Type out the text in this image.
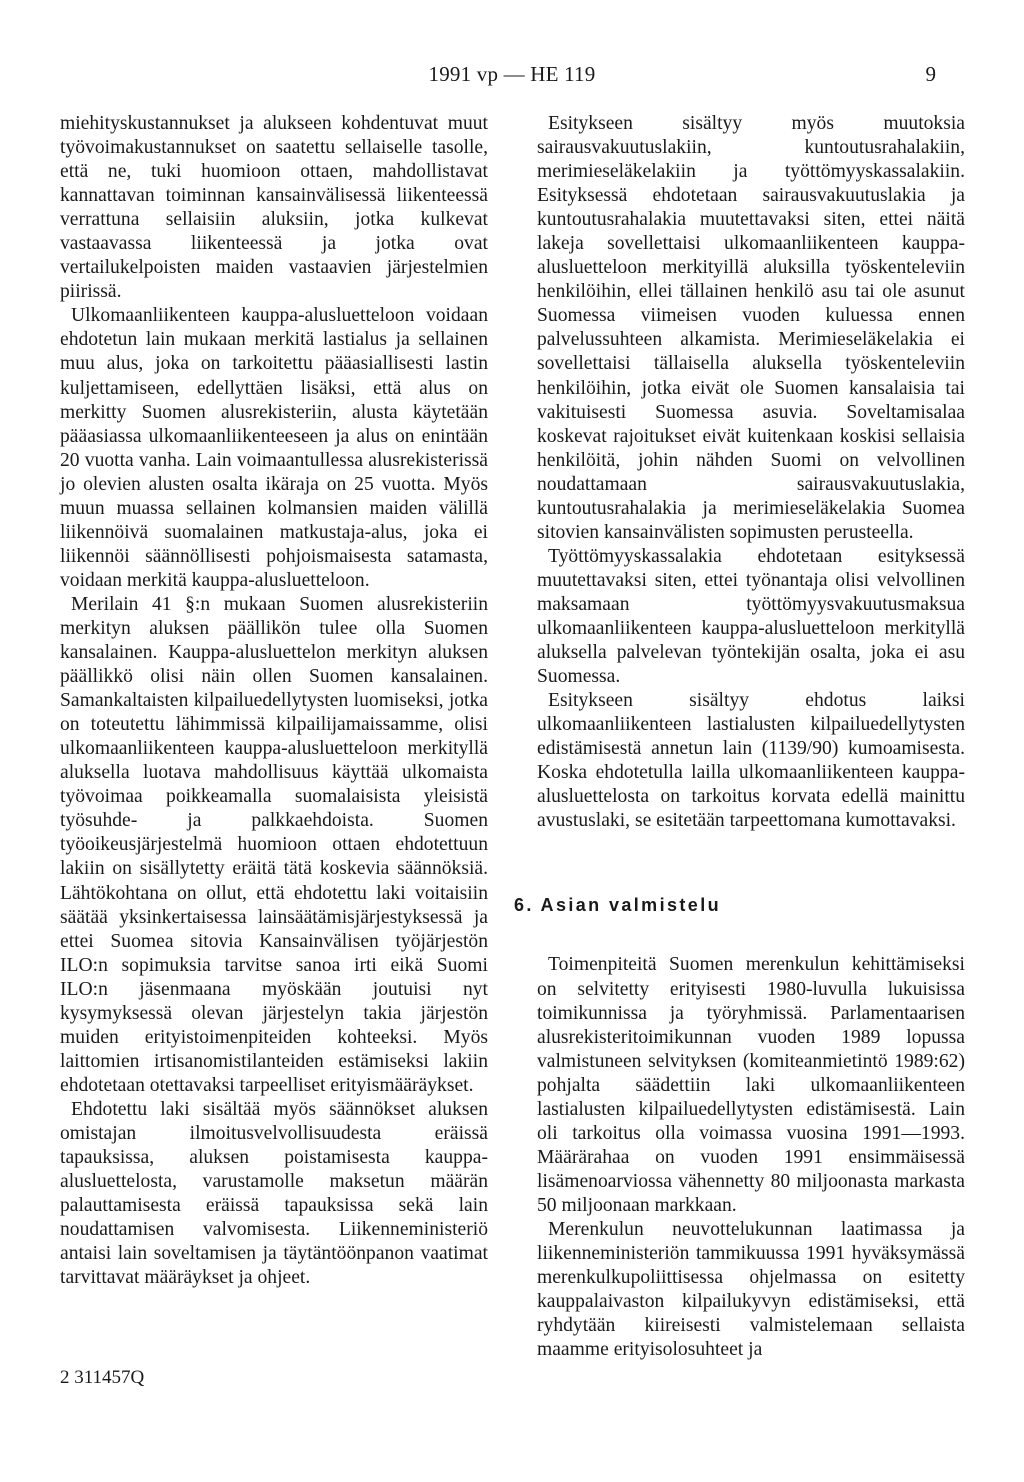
1991 vp — HE 119	9

miehityskustannukset ja alukseen kohdentuvat muut työvoimakustannukset on saatettu sellaiselle tasolle, että ne, tuki huomioon ottaen, mahdollistavat kannattavan toiminnan kansainvälisessä liikenteessä verrattuna sellaisiin aluksiin, jotka kulkevat vastaavassa liikenteessä ja jotka ovat vertailukelpoisten maiden vastaavien järjestelmien piirissä.

Ulkomaanliikenteen kauppa-alusluetteloon voidaan ehdotetun lain mukaan merkitä lastialus ja sellainen muu alus, joka on tarkoitettu pääasiallisesti lastin kuljettamiseen, edellyttäen lisäksi, että alus on merkitty Suomen alusrekisteriin, alusta käytetään pääasiassa ulkomaanliikenteeseen ja alus on enintään 20 vuotta vanha. Lain voimaantullessa alusrekisterissä jo olevien alusten osalta ikäraja on 25 vuotta. Myös muun muassa sellainen kolmansien maiden välillä liikennöivä suomalainen matkustaja-alus, joka ei liikennöi säännöllisesti pohjoismaisesta satamasta, voidaan merkitä kauppa-alusluetteloon.

Merilain 41 §:n mukaan Suomen alusrekisteriin merkityn aluksen päällikön tulee olla Suomen kansalainen. Kauppa-alusluettelon merkityn aluksen päällikkö olisi näin ollen Suomen kansalainen. Samankaltaisten kilpailuedellytysten luomiseksi, jotka on toteutettu lähimmissä kilpailijamaissamme, olisi ulkomaanliikenteen kauppa-alusluetteloon merkityllä aluksella luotava mahdollisuus käyttää ulkomaista työvoimaa poikkeamalla suomalaisista yleisistä työsuhde- ja palkkaehdoista. Suomen työoikeusjärjestelmä huomioon ottaen ehdotettuun lakiin on sisällytetty eräitä tätä koskevia säännöksiä. Lähtökohtana on ollut, että ehdotettu laki voitaisiin säätää yksinkertaisessa lainsäätämisjärjestyksessä ja ettei Suomea sitovia Kansainvälisen työjärjestön ILO:n sopimuksia tarvitse sanoa irti eikä Suomi ILO:n jäsenmaana myöskään joutuisi nyt kysymyksessä olevan järjestelyn takia järjestön muiden erityistoimenpiteiden kohteeksi. Myös laittomien irtisanomistilanteiden estämiseksi lakiin ehdotetaan otettavaksi tarpeelliset erityismääräykset.

Ehdotettu laki sisältää myös säännökset aluksen omistajan ilmoitusvelvollisuudesta eräissä tapauksissa, aluksen poistamisesta kauppa-alusluettelosta, varustamolle maksetun määrän palauttamisesta eräissä tapauksissa sekä lain noudattamisen valvomisesta. Liikenneministeriö antaisi lain soveltamisen ja täytäntöönpanon vaatimat tarvittavat määräykset ja ohjeet.

Esitykseen sisältyy myös muutoksia sairausvakuutuslakiin, kuntoutusrahalakiin, merimieseläkelakiin ja työttömyyskassalakiin. Esityksessä ehdotetaan sairausvakuutuslakia ja kuntoutusrahalakia muutettavaksi siten, ettei näitä lakeja sovellettaisi ulkomaanliikenteen kauppa-alusluetteloon merkityillä aluksilla työskenteleviin henkilöihin, ellei tällainen henkilö asu tai ole asunut Suomessa viimeisen vuoden kuluessa ennen palvelussuhteen alkamista. Merimieseläkelakia ei sovellettaisi tällaisella aluksella työskenteleviin henkilöihin, jotka eivät ole Suomen kansalaisia tai vakituisesti Suomessa asuvia. Soveltamisalaa koskevat rajoitukset eivät kuitenkaan koskisi sellaisia henkilöitä, johin nähden Suomi on velvollinen noudattamaan sairausvakuutuslakia, kuntoutusrahalakia ja merimieseläkelakia Suomea sitovien kansainvälisten sopimusten perusteella.

Työttömyyskassalakia ehdotetaan esityksessä muutettavaksi siten, ettei työnantaja olisi velvollinen maksamaan työttömyysvakuutusmaksua ulkomaanliikenteen kauppa-alusluetteloon merkityllä aluksella palvelevan työntekijän osalta, joka ei asu Suomessa.

Esitykseen sisältyy ehdotus laiksi ulkomaanliikenteen lastialusten kilpailuedellytysten edistämisestä annetun lain (1139/90) kumoamisesta. Koska ehdotetulla lailla ulkomaanliikenteen kauppa-alusluettelosta on tarkoitus korvata edellä mainittu avustuslaki, se esitetään tarpeettomana kumottavaksi.

6. Asian valmistelu

Toimenpiteitä Suomen merenkulun kehittämiseksi on selvitetty erityisesti 1980-luvulla lukuisissa toimikunnissa ja työryhmissä. Parlamentaarisen alusrekisteritoimikunnan vuoden 1989 lopussa valmistuneen selvityksen (komiteanmietintö 1989:62) pohjalta säädettiin laki ulkomaanliikenteen lastialusten kilpailuedellytysten edistämisestä. Lain oli tarkoitus olla voimassa vuosina 1991—1993. Määrärahaa on vuoden 1991 ensimmäisessä lisämenoarviossa vähennetty 80 miljoonasta markasta 50 miljoonaan markkaan.

Merenkulun neuvottelukunnan laatimassa ja liikenneministeriön tammikuussa 1991 hyväksymässä merenkulkupoliittisessa ohjelmassa on esitetty kauppalaivaston kilpailukyvyn edistämiseksi, että ryhdytään kiireisesti valmistelemaan sellaista maamme erityisolosuhteet ja

2 311457Q
